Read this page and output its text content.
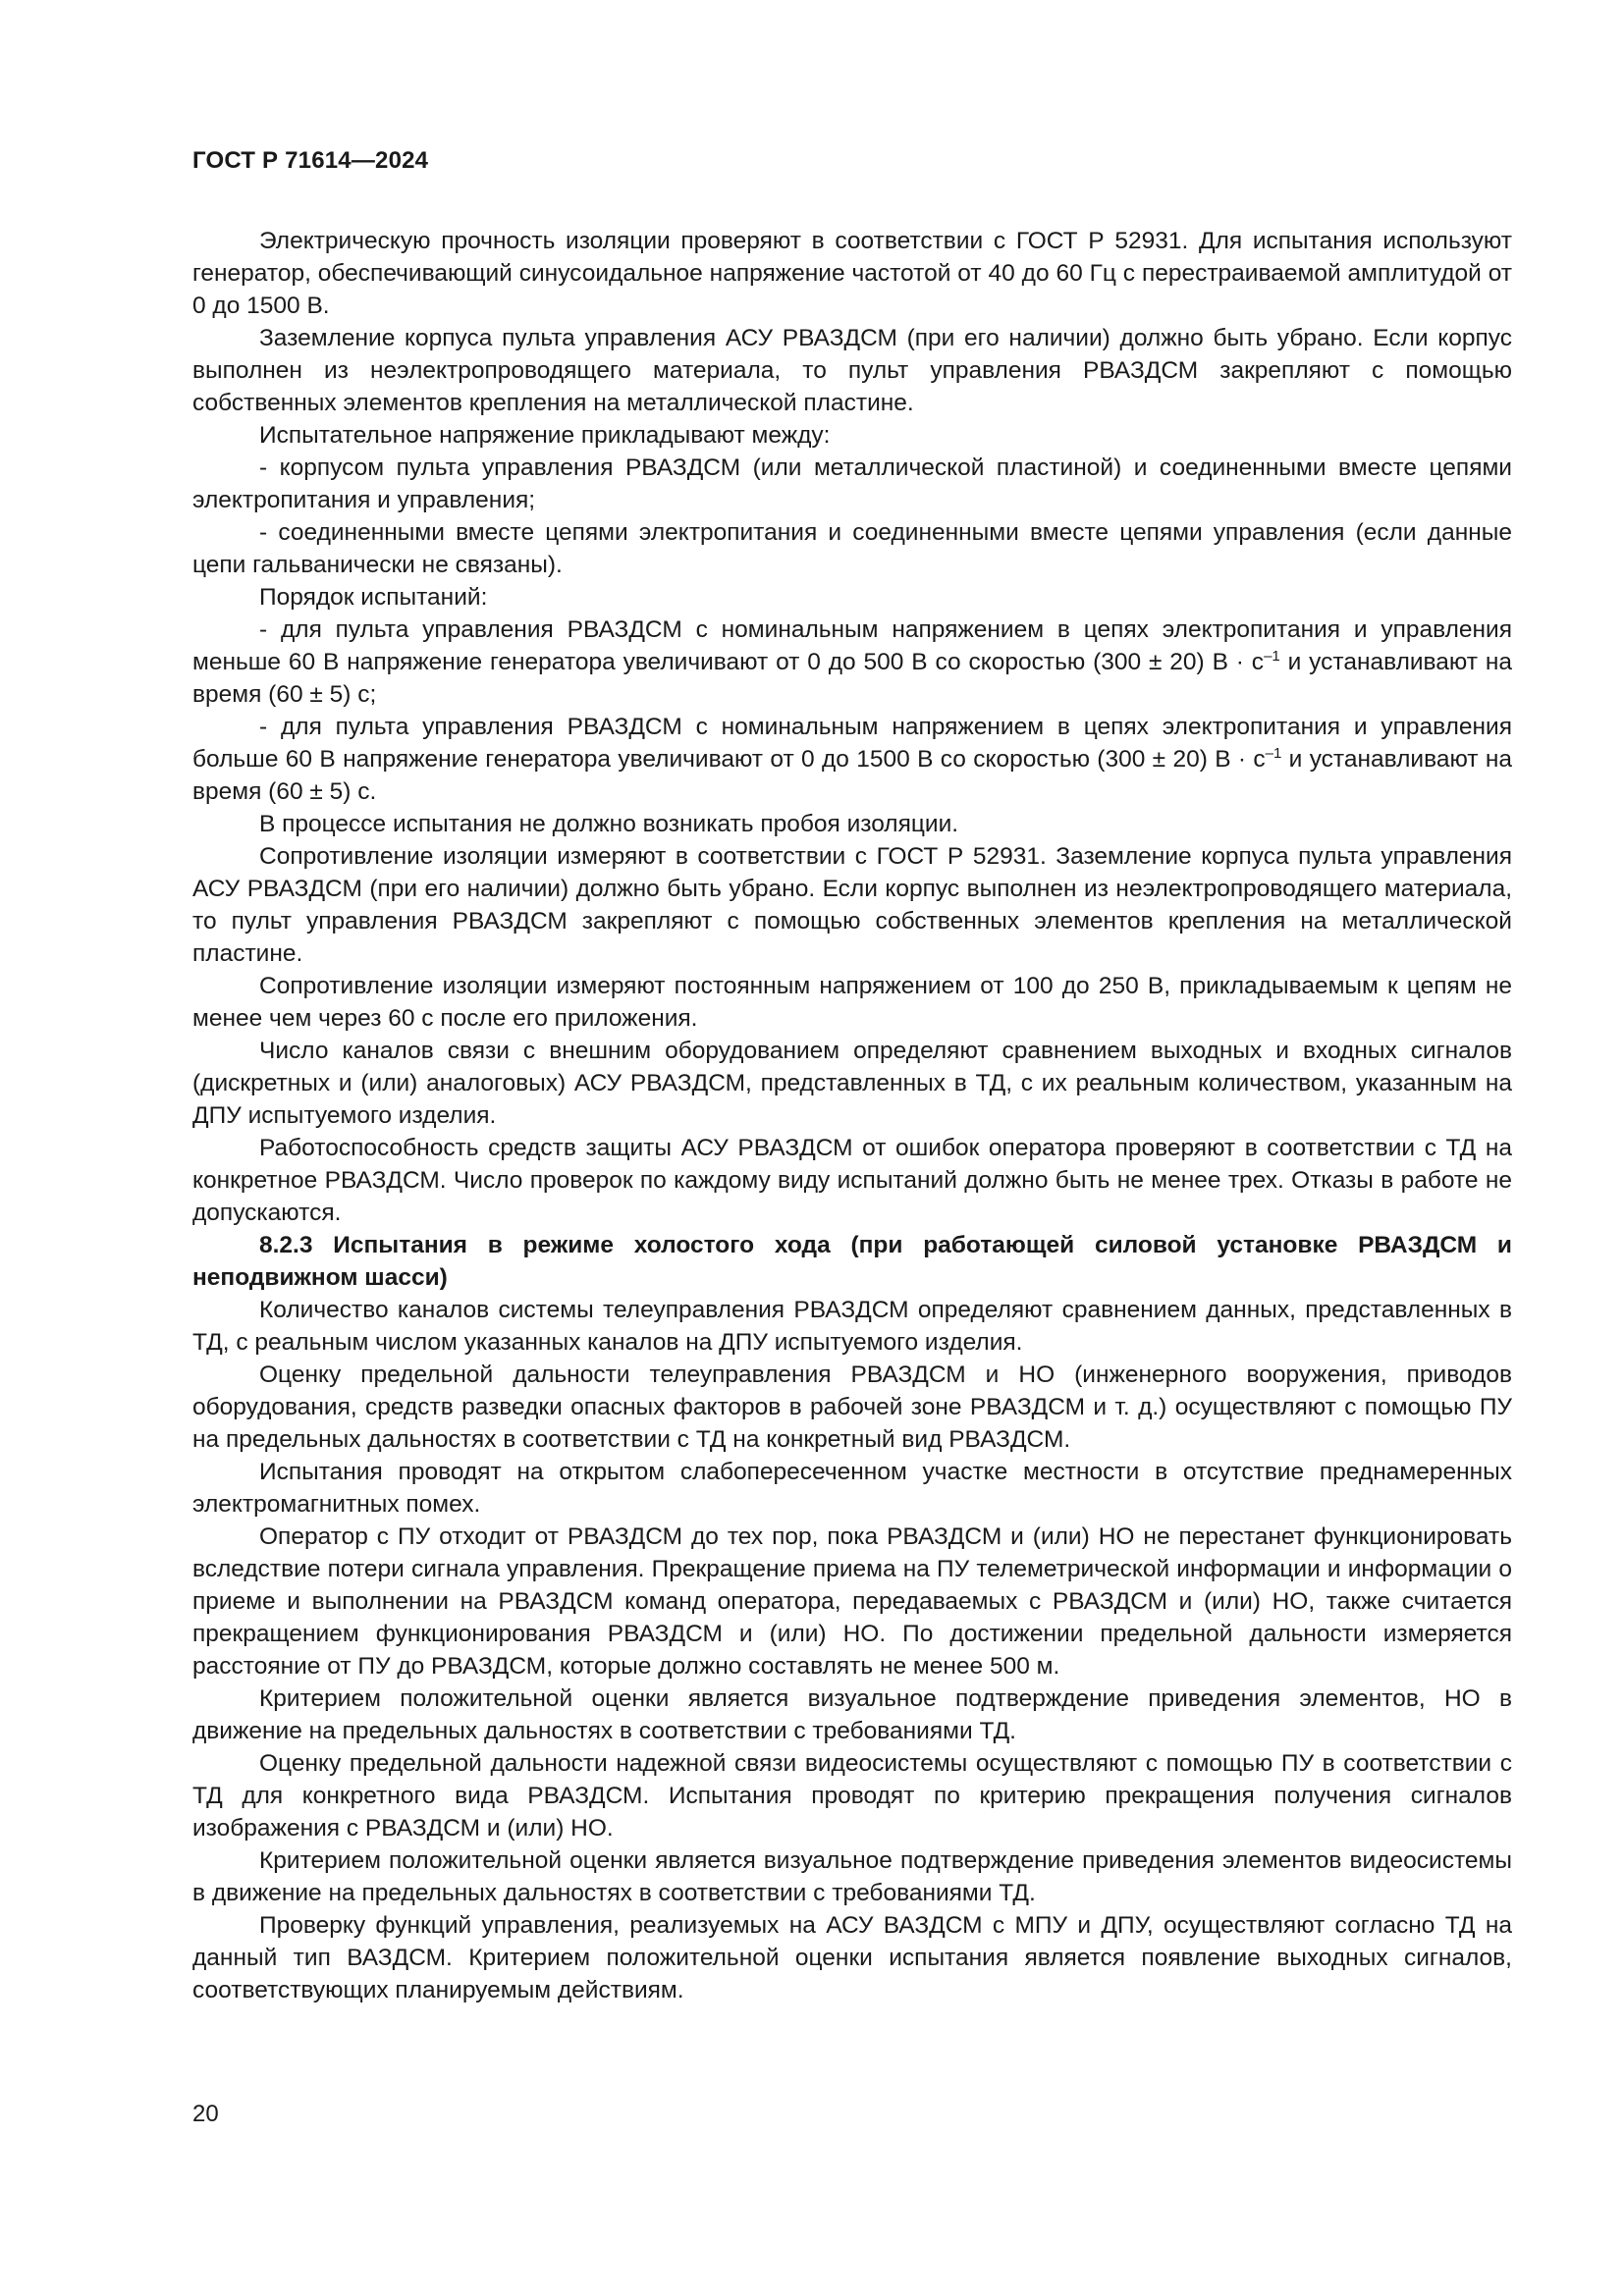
ГОСТ Р 71614—2024

Электрическую прочность изоляции проверяют в соответствии с ГОСТ Р 52931. Для испытания используют генератор, обеспечивающий синусоидальное напряжение частотой от 40 до 60 Гц с перестраиваемой амплитудой от 0 до 1500 В.

Заземление корпуса пульта управления АСУ РВАЗДСМ (при его наличии) должно быть убрано. Если корпус выполнен из неэлектропроводящего материала, то пульт управления РВАЗДСМ закрепляют с помощью собственных элементов крепления на металлической пластине.

Испытательное напряжение прикладывают между:

- корпусом пульта управления РВАЗДСМ (или металлической пластиной) и соединенными вместе цепями электропитания и управления;

- соединенными вместе цепями электропитания и соединенными вместе цепями управления (если данные цепи гальванически не связаны).

Порядок испытаний:

- для пульта управления РВАЗДСМ с номинальным напряжением в цепях электропитания и управления меньше 60 В напряжение генератора увеличивают от 0 до 500 В со скоростью (300 ± 20) $В \cdot с^{-1}$ и устанавливают на время (60 ± 5) с;

- для пульта управления РВАЗДСМ с номинальным напряжением в цепях электропитания и управления больше 60 В напряжение генератора увеличивают от 0 до 1500 В со скоростью (300 ± 20) $В \cdot с^{-1}$ и устанавливают на время (60 ± 5) с.

В процессе испытания не должно возникать пробоя изоляции.

Сопротивление изоляции измеряют в соответствии с ГОСТ Р 52931. Заземление корпуса пульта управления АСУ РВАЗДСМ (при его наличии) должно быть убрано. Если корпус выполнен из неэлектропроводящего материала, то пульт управления РВАЗДСМ закрепляют с помощью собственных элементов крепления на металлической пластине.

Сопротивление изоляции измеряют постоянным напряжением от 100 до 250 В, прикладываемым к цепям не менее чем через 60 с после его приложения.

Число каналов связи с внешним оборудованием определяют сравнением выходных и входных сигналов (дискретных и (или) аналоговых) АСУ РВАЗДСМ, представленных в ТД, с их реальным количеством, указанным на ДПУ испытуемого изделия.

Работоспособность средств защиты АСУ РВАЗДСМ от ошибок оператора проверяют в соответствии с ТД на конкретное РВАЗДСМ. Число проверок по каждому виду испытаний должно быть не менее трех. Отказы в работе не допускаются.

8.2.3 Испытания в режиме холостого хода (при работающей силовой установке РВАЗДСМ и неподвижном шасси)

Количество каналов системы телеуправления РВАЗДСМ определяют сравнением данных, представленных в ТД, с реальным числом указанных каналов на ДПУ испытуемого изделия.

Оценку предельной дальности телеуправления РВАЗДСМ и НО (инженерного вооружения, приводов оборудования, средств разведки опасных факторов в рабочей зоне РВАЗДСМ и т. д.) осуществляют с помощью ПУ на предельных дальностях в соответствии с ТД на конкретный вид РВАЗДСМ.

Испытания проводят на открытом слабопересеченном участке местности в отсутствие преднамеренных электромагнитных помех.

Оператор с ПУ отходит от РВАЗДСМ до тех пор, пока РВАЗДСМ и (или) НО не перестанет функционировать вследствие потери сигнала управления. Прекращение приема на ПУ телеметрической информации и информации о приеме и выполнении на РВАЗДСМ команд оператора, передаваемых с РВАЗДСМ и (или) НО, также считается прекращением функционирования РВАЗДСМ и (или) НО. По достижении предельной дальности измеряется расстояние от ПУ до РВАЗДСМ, которые должно составлять не менее 500 м.

Критерием положительной оценки является визуальное подтверждение приведения элементов, НО в движение на предельных дальностях в соответствии с требованиями ТД.

Оценку предельной дальности надежной связи видеосистемы осуществляют с помощью ПУ в соответствии с ТД для конкретного вида РВАЗДСМ. Испытания проводят по критерию прекращения получения сигналов изображения с РВАЗДСМ и (или) НО.

Критерием положительной оценки является визуальное подтверждение приведения элементов видеосистемы в движение на предельных дальностях в соответствии с требованиями ТД.

Проверку функций управления, реализуемых на АСУ ВАЗДСМ с МПУ и ДПУ, осуществляют согласно ТД на данный тип ВАЗДСМ. Критерием положительной оценки испытания является появление выходных сигналов, соответствующих планируемым действиям.

20
